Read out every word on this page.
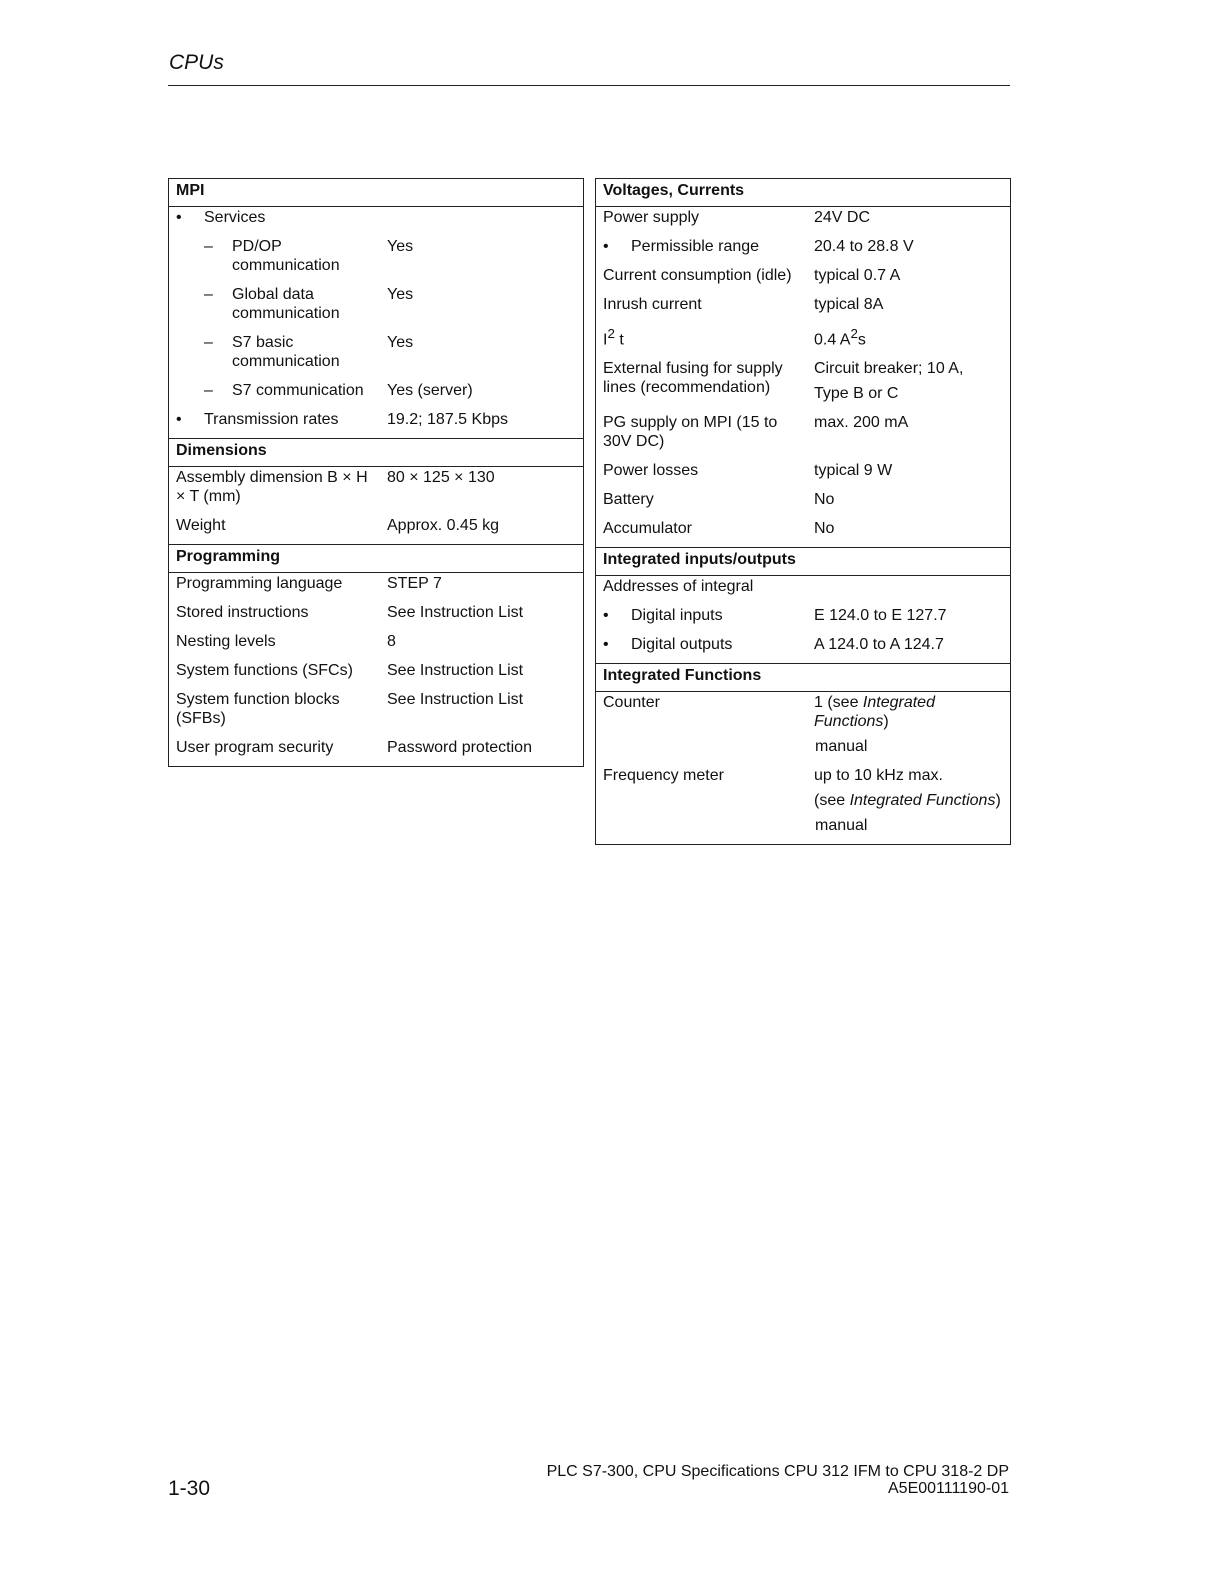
CPUs
MPI	

• Services	

– PD/OP communication	Yes

– Global data communication	Yes

– S7 basic communication	Yes

– S7 communication	Yes (server)

• Transmission rates	19.2; 187.5 Kbps
Dimensions	
Assembly dimension B × H × T (mm)	80 × 125 × 130
Weight	Approx. 0.45 kg
Programming	
Programming language	STEP 7
Stored instructions	See Instruction List
Nesting levels	8
System functions (SFCs)	See Instruction List
System function blocks (SFBs)	See Instruction List
User program security	Password protection
Voltages, Currents	
Power supply	24V DC

• Permissible range	20.4 to 28.8 V
Current consumption (idle)	typical 0.7 A
Inrush current	typical 8A
$I^2$ t	0.4 $A^2s$
External fusing for supply lines (recommendation)	Circuit breaker; 10 A,
Type B or C

PG supply on MPI (15 to 30V DC)	max. 200 mA
Power losses	typical 9 W
Battery	No
Accumulator	No
Integrated inputs/outputs	
Addresses of integral	

• Digital inputs	E 124.0 to E 127.7

• Digital outputs	A 124.0 to A 124.7
Integrated Functions	
Counter	1 (see Integrated Functions)
manual

Frequency meter	up to 10 kHz max.
(see Integrated Functions)
manual
1-30
PLC S7-300, CPU Specifications CPU 312 IFM to CPU 318-2 DP
A5E00111190-01
